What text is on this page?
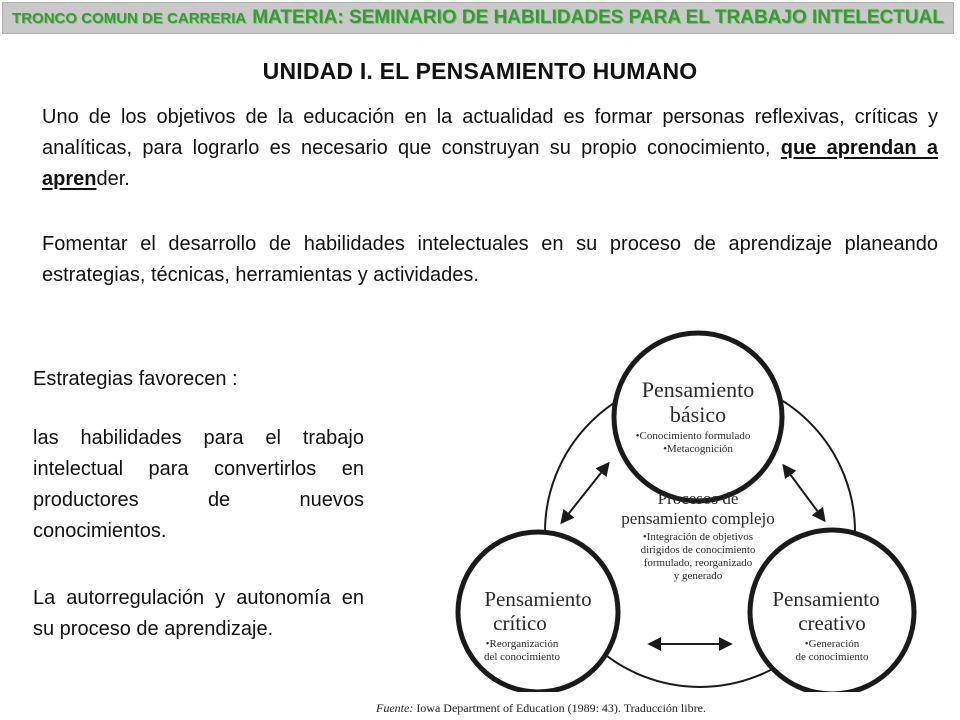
TRONCO COMUN DE CARRERIA MATERIA: SEMINARIO DE HABILIDADES PARA EL TRABAJO INTELECTUAL
UNIDAD I. EL PENSAMIENTO HUMANO

Uno de los objetivos de la educación en la actualidad es formar personas reflexivas, críticas y analíticas, para lograrlo es necesario que construyan su propio conocimiento, que aprendan a aprender.

Fomentar el desarrollo de habilidades intelectuales en su proceso de aprendizaje planeando estrategias, técnicas, herramientas y actividades.

Estrategias favorecen :

las habilidades para el trabajo intelectual para convertirlos en productores de nuevos conocimientos.

La autorregulación y autonomía en su proceso de aprendizaje.

Pensamiento
básico
•Conocimiento formulado
•Metacognición
Procesos de
pensamiento complejo
•Integración de objetivos
dirigidos de conocimiento
formulado, reorganizado
y generado
Pensamiento
crítico
•Reorganización
del conocimiento
Pensamiento
creativo
•Generación
de conocimiento
Fuente: Iowa Department of Education (1989: 43). Traducción libre.
